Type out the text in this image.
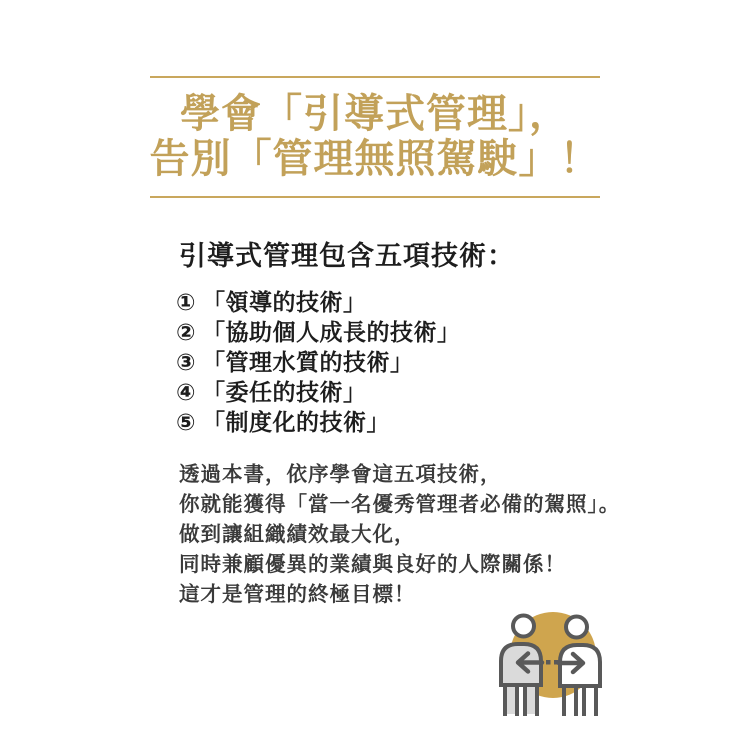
學會「引導式管理」，
告別「管理無照駕駛」！
引導式管理包含五項技術：
① 「領導的技術」
② 「協助個人成長的技術」
③ 「管理水質的技術」
④ 「委任的技術」
⑤ 「制度化的技術」
透過本書，依序學會這五項技術，
你就能獲得「當一名優秀管理者必備的駕照」。
做到讓組織績效最大化，
同時兼顧優異的業績與良好的人際關係！
這才是管理的終極目標！
